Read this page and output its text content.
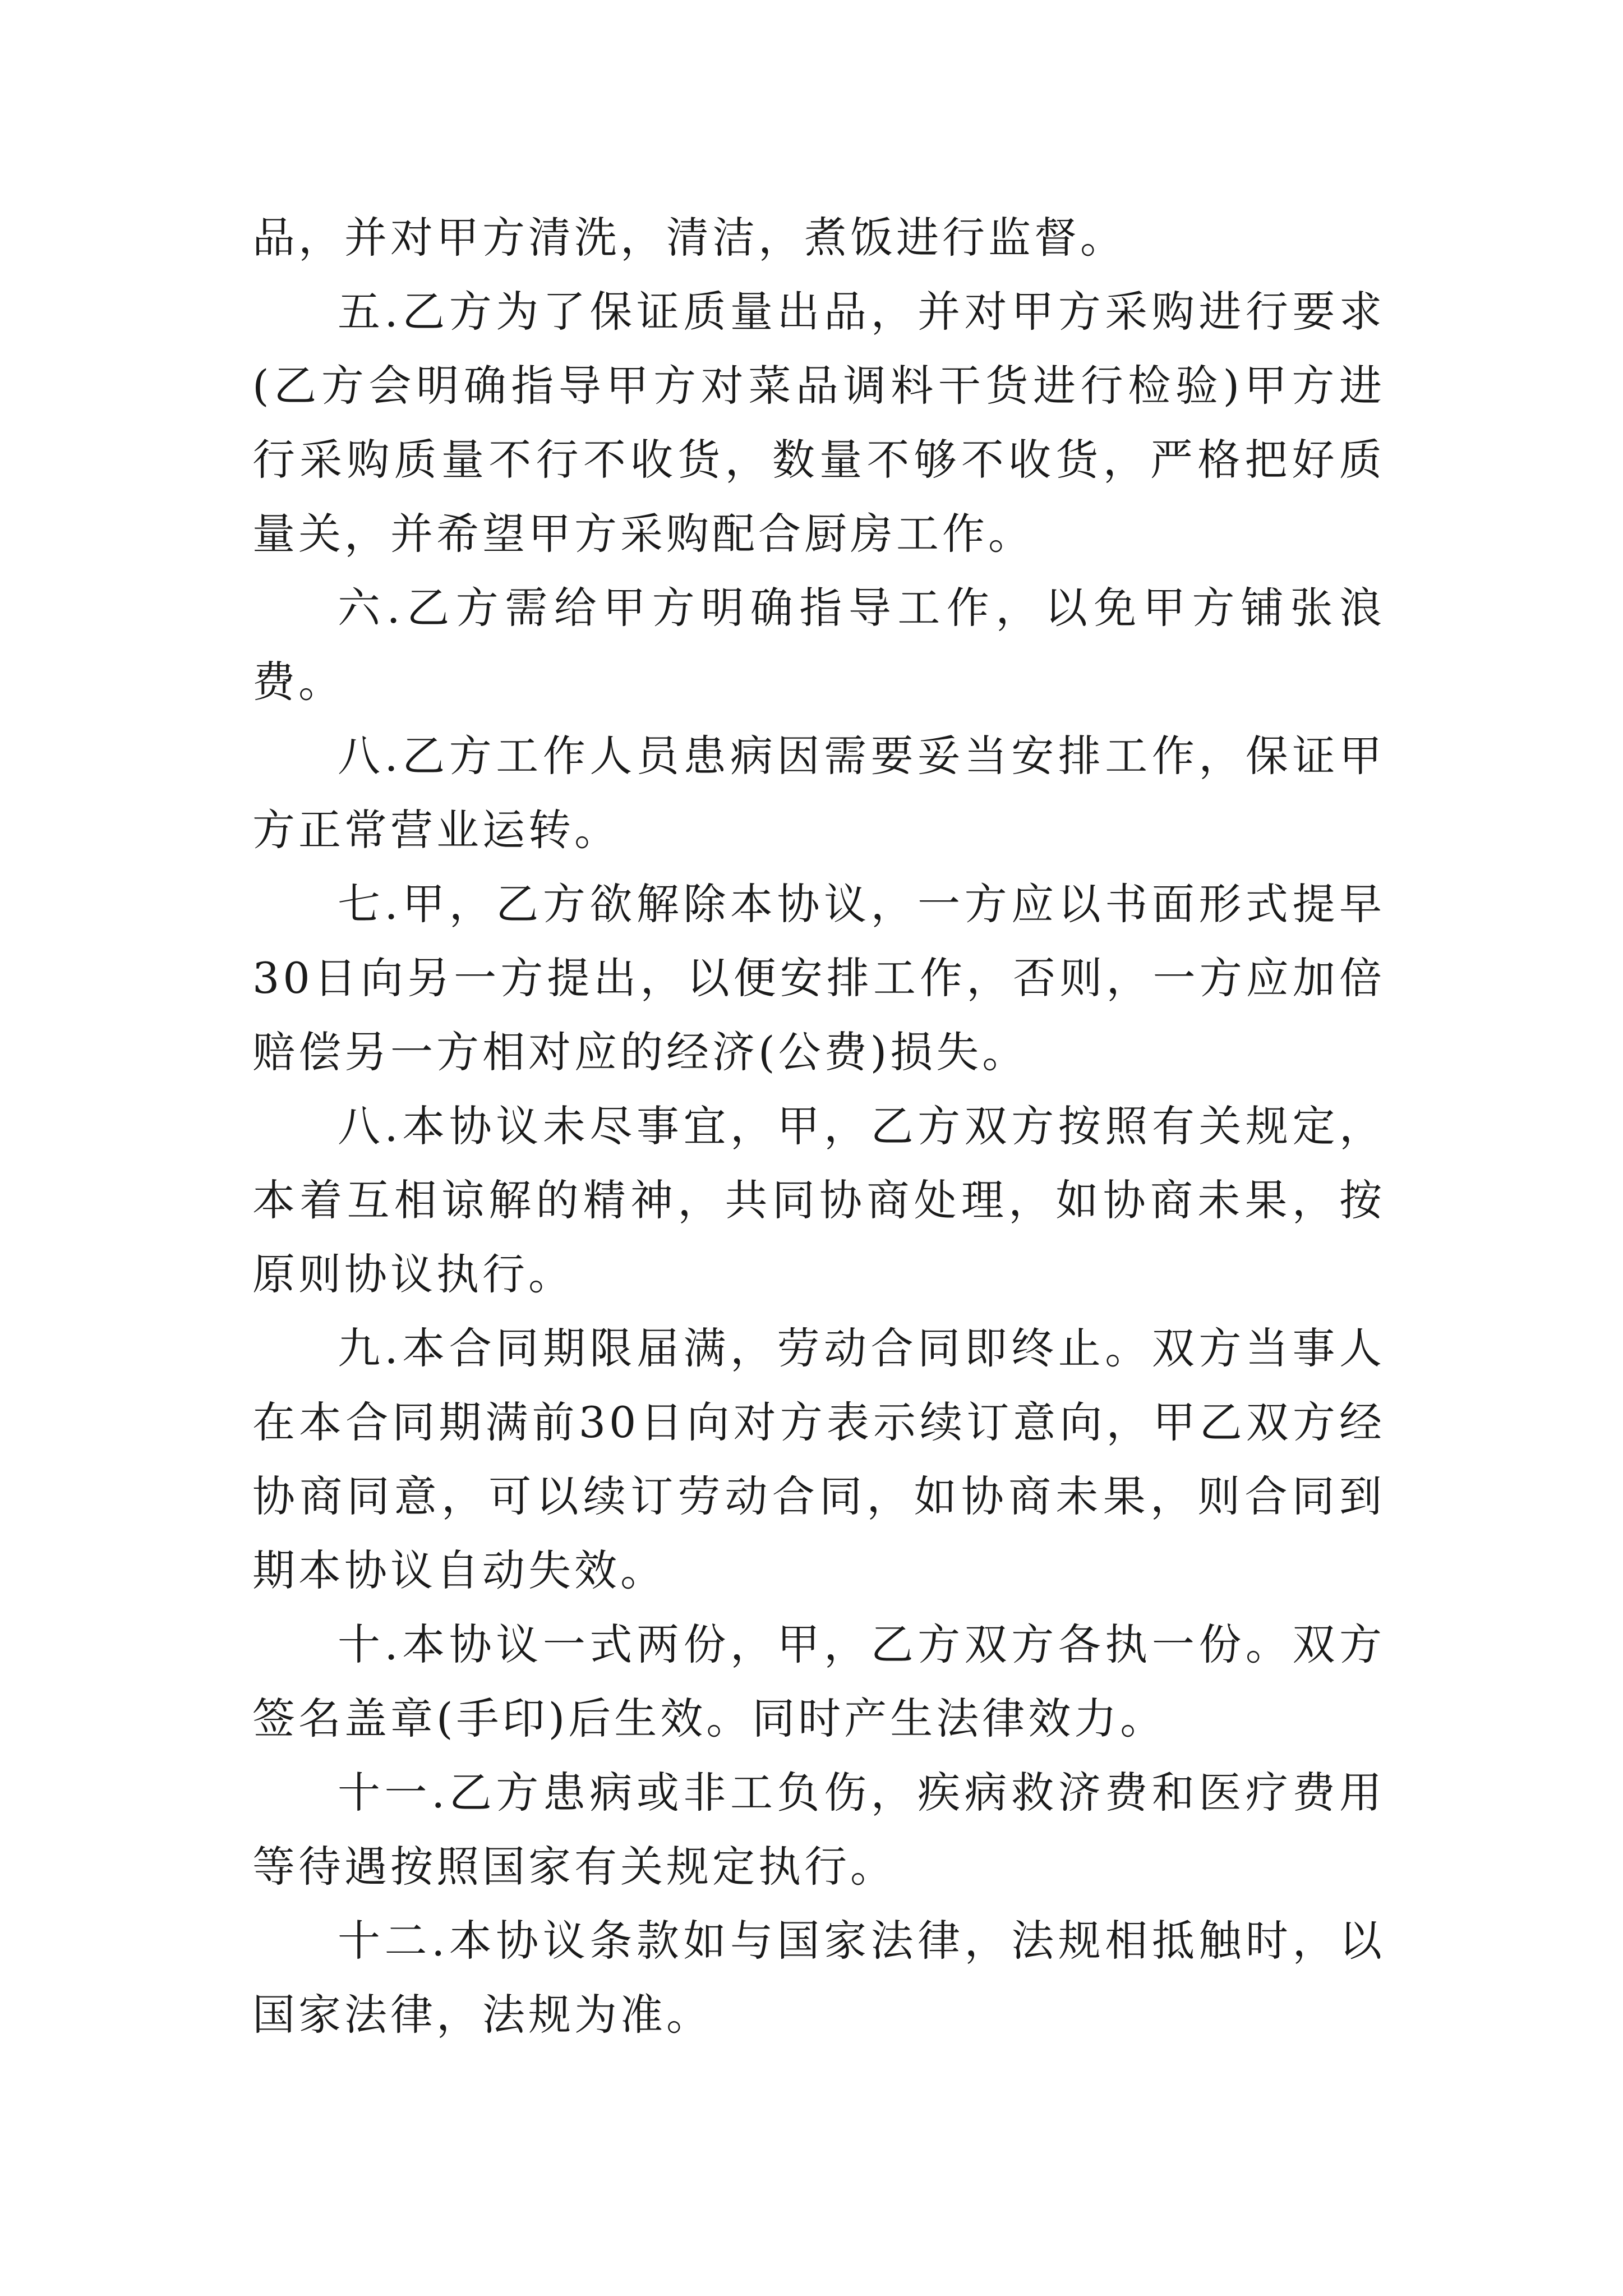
品，并对甲方清洗，清洁，煮饭进行监督。

五.乙方为了保证质量出品，并对甲方采购进行要求(乙方会明确指导甲方对菜品调料干货进行检验)甲方进行采购质量不行不收货，数量不够不收货，严格把好质量关，并希望甲方采购配合厨房工作。

六.乙方需给甲方明确指导工作，以免甲方铺张浪费。

八.乙方工作人员患病因需要妥当安排工作，保证甲方正常营业运转。

七.甲，乙方欲解除本协议，一方应以书面形式提早30日向另一方提出，以便安排工作，否则，一方应加倍赔偿另一方相对应的经济(公费)损失。

八.本协议未尽事宜，甲，乙方双方按照有关规定，本着互相谅解的精神，共同协商处理，如协商未果，按原则协议执行。

九.本合同期限届满，劳动合同即终止。双方当事人在本合同期满前30日向对方表示续订意向，甲乙双方经协商同意，可以续订劳动合同，如协商未果，则合同到期本协议自动失效。

十.本协议一式两份，甲，乙方双方各执一份。双方签名盖章(手印)后生效。同时产生法律效力。

十一.乙方患病或非工负伤，疾病救济费和医疗费用等待遇按照国家有关规定执行。

十二.本协议条款如与国家法律，法规相抵触时，以国家法律，法规为准。
